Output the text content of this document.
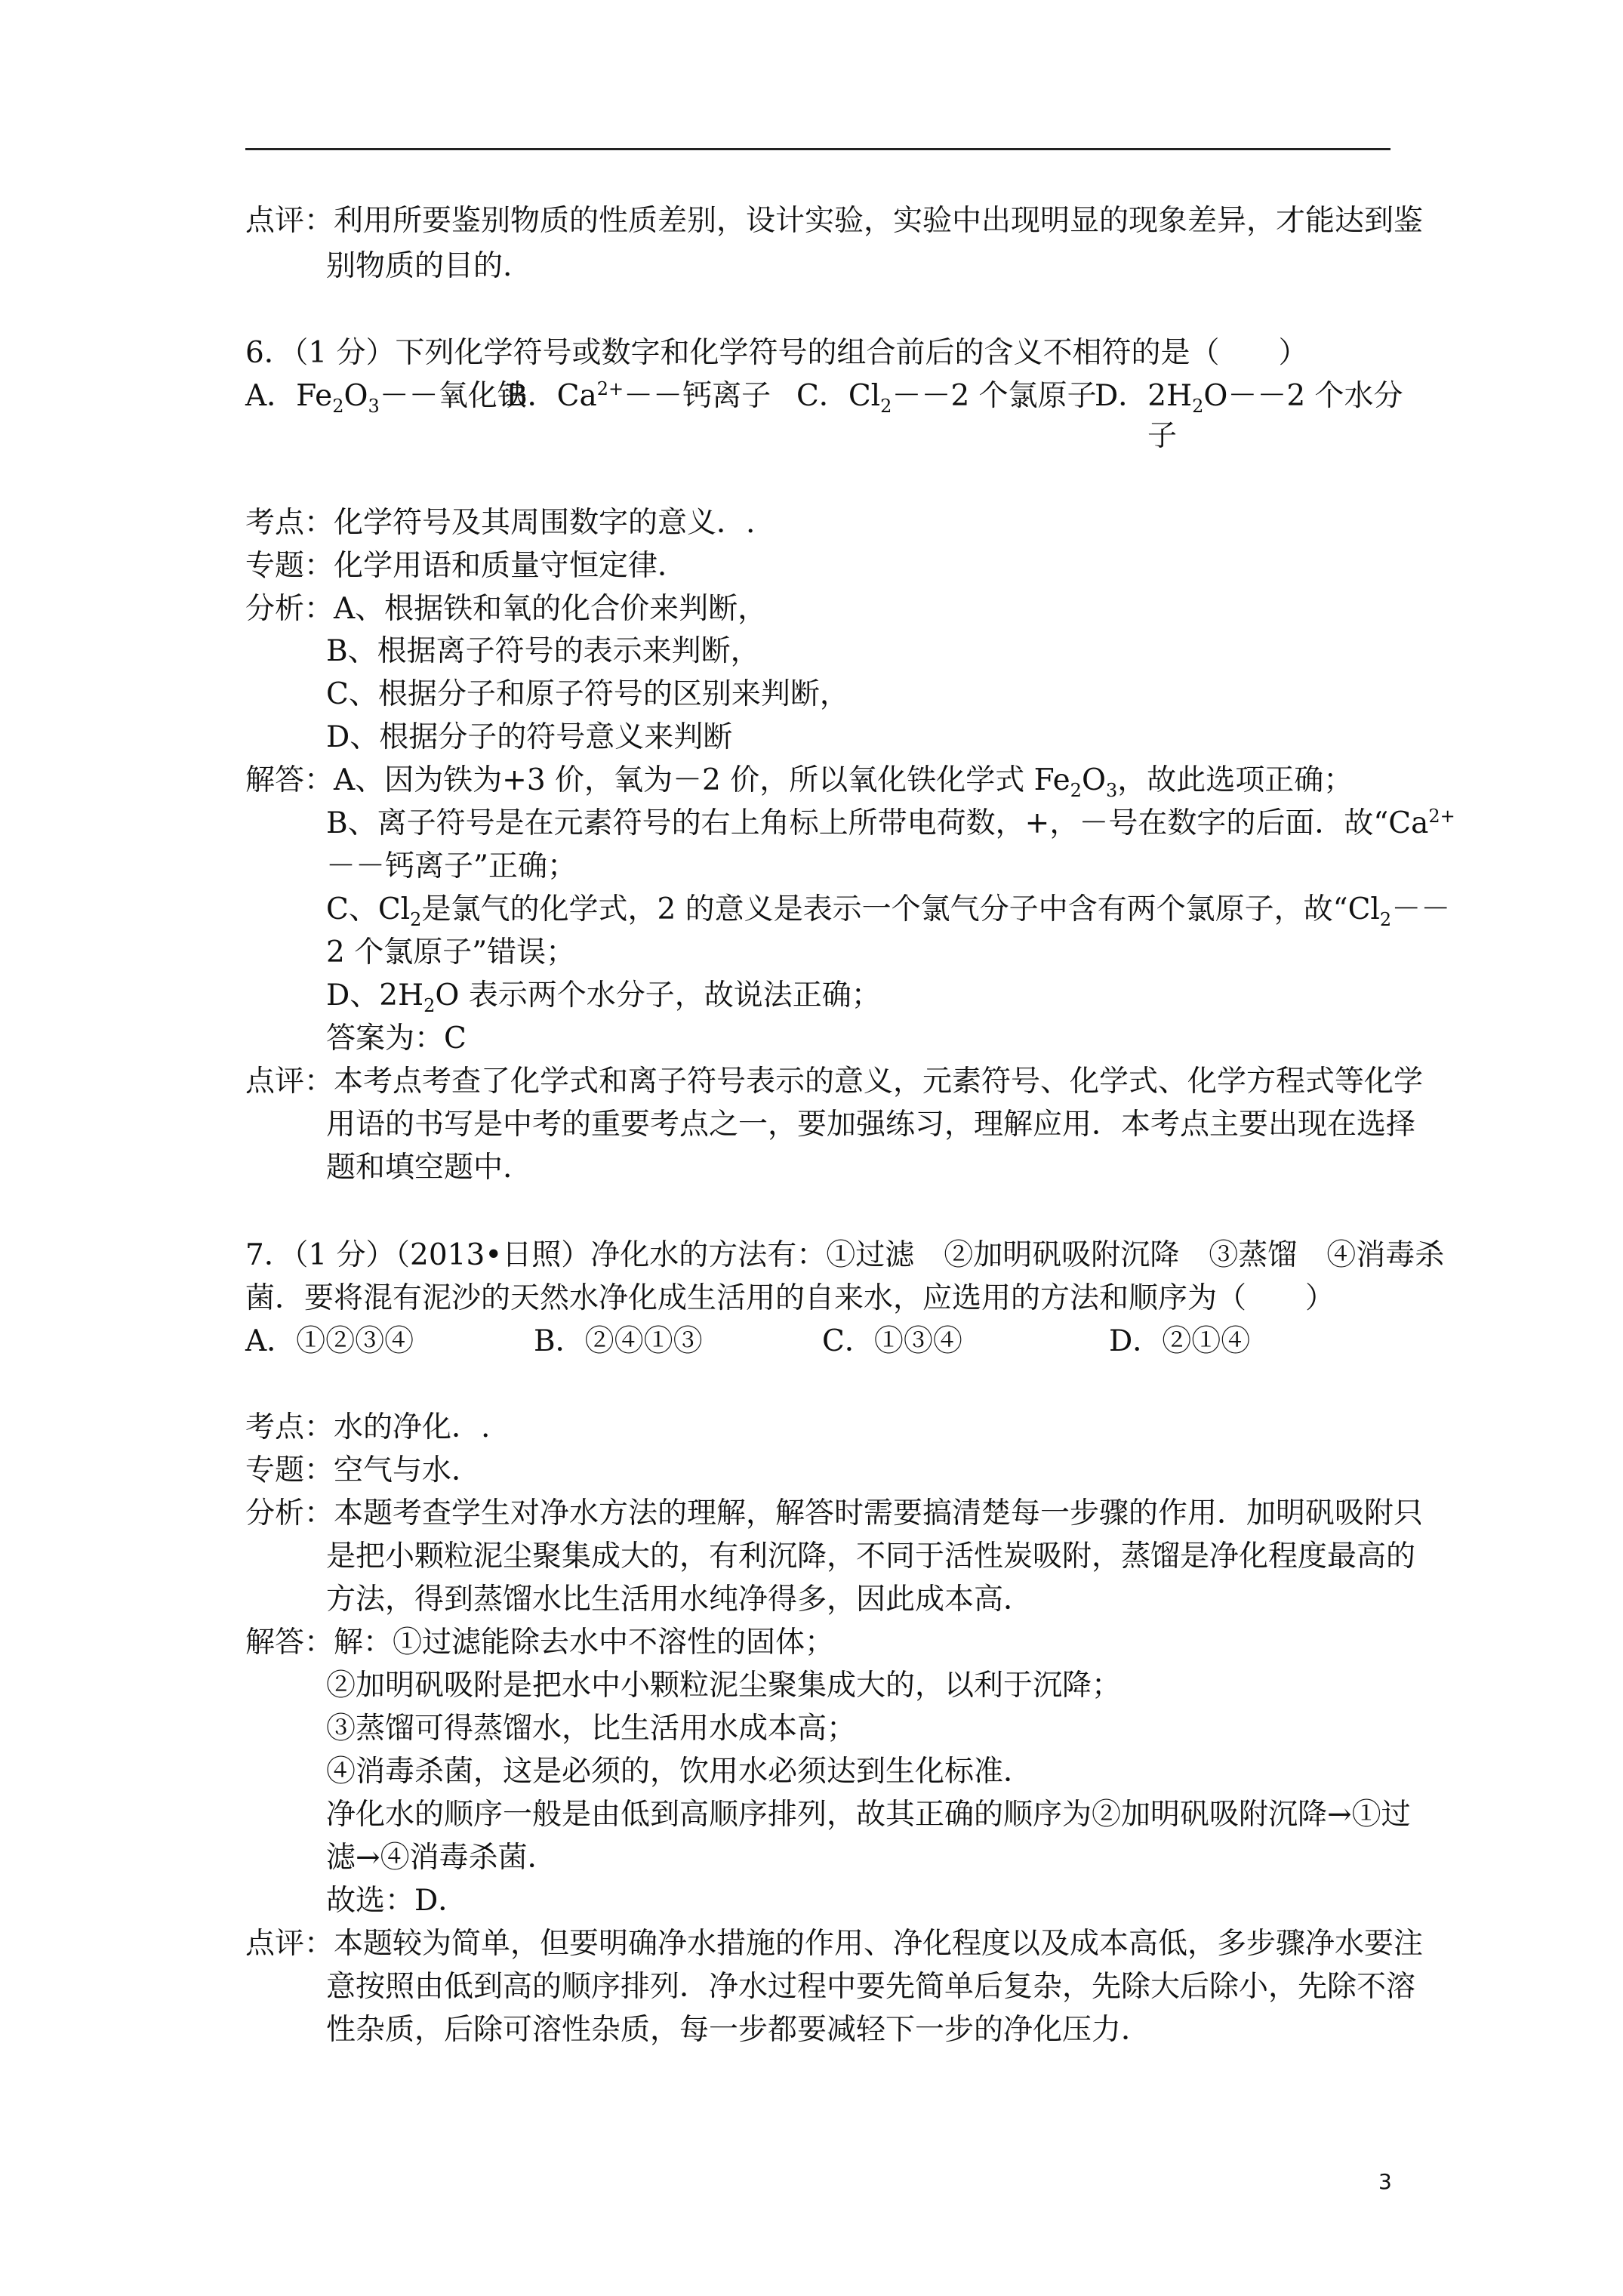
点评：利用所要鉴别物质的性质差别，设计实验，实验中出现明显的现象差异，才能达到鉴
别物质的目的.
6．（1 分）下列化学符号或数字和化学符号的组合前后的含义不相符的是（　　）
A．$Fe_2O_3--$氧化铁B．$Ca^{2+}--$钙离子 C．$Cl_2--2$ 个氯原子D．$2H_2O--2$ 个水分
子
考点：化学符号及其周围数字的意义．.
专题：化学用语和质量守恒定律．
分析：A、根据铁和氧的化合价来判断，
B、根据离子符号的表示来判断，
C、根据分子和原子符号的区别来判断，
D、根据分子的符号意义来判断
解答：A、因为铁为+3 价，氧为－2 价，所以氧化铁化学式 $Fe_2O_3$，故此选项正确；
B、离子符号是在元素符号的右上角标上所带电荷数，+，－号在数字的后面．故“$Ca^{2+}$
－－钙离子”正确；
C、$Cl_2$是氯气的化学式，2 的意义是表示一个氯气分子中含有两个氯原子，故“$Cl_2--$
2 个氯原子”错误；
D、$2H_2O$ 表示两个水分子，故说法正确；
答案为：C
点评：本考点考查了化学式和离子符号表示的意义，元素符号、化学式、化学方程式等化学
用语的书写是中考的重要考点之一，要加强练习，理解应用．本考点主要出现在选择
题和填空题中.
7．（1 分）（2013•日照）净化水的方法有：①过滤　②加明矾吸附沉降　③蒸馏　④消毒杀
菌．要将混有泥沙的天然水净化成生活用的自来水，应选用的方法和顺序为（　　）
A．①②③④	B．②④①③	C．①③④	D．②①④
考点：水的净化．.
专题：空气与水．
分析：本题考查学生对净水方法的理解，解答时需要搞清楚每一步骤的作用．加明矾吸附只
是把小颗粒泥尘聚集成大的，有利沉降，不同于活性炭吸附，蒸馏是净化程度最高的
方法，得到蒸馏水比生活用水纯净得多，因此成本高．
解答：解：①过滤能除去水中不溶性的固体；
②加明矾吸附是把水中小颗粒泥尘聚集成大的，以利于沉降；
③蒸馏可得蒸馏水，比生活用水成本高；
④消毒杀菌，这是必须的，饮用水必须达到生化标准．
净化水的顺序一般是由低到高顺序排列，故其正确的顺序为②加明矾吸附沉降→①过
滤→④消毒杀菌．
故选：D．
点评：本题较为简单，但要明确净水措施的作用、净化程度以及成本高低，多步骤净水要注
意按照由低到高的顺序排列．净水过程中要先简单后复杂，先除大后除小，先除不溶
性杂质，后除可溶性杂质，每一步都要减轻下一步的净化压力．
3
